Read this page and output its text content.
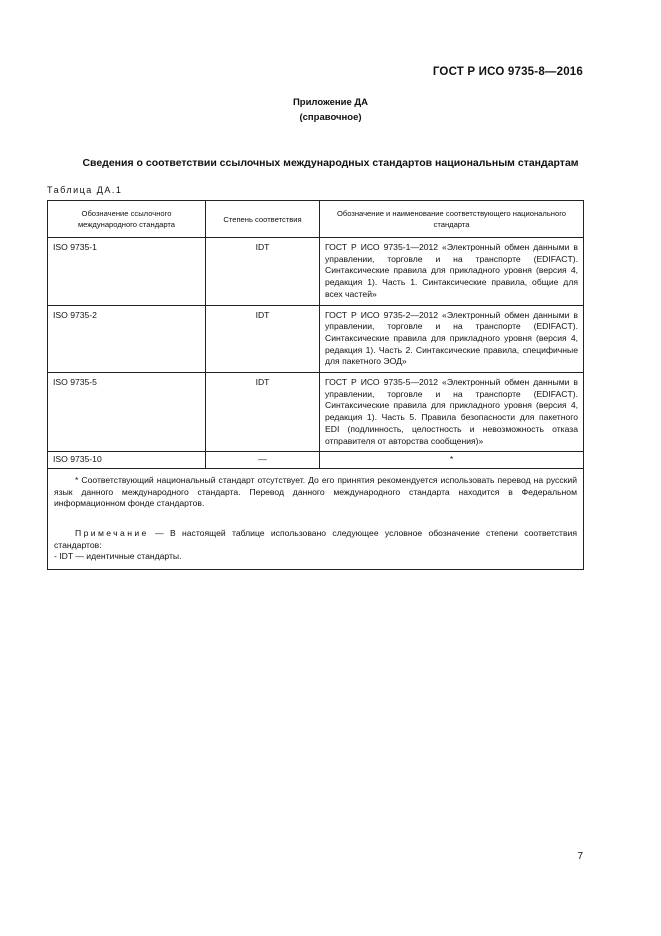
ГОСТ Р ИСО 9735-8—2016
Приложение ДА
(справочное)
Сведения о соответствии ссылочных международных стандартов национальным стандартам
Таблица ДА.1
Обозначение ссылочного международного стандарта	Степень соответствия	Обозначение и наименование соответствующего национального стандарта
ISO 9735-1	IDT	ГОСТ Р ИСО 9735-1—2012 «Электронный обмен данными в управлении, торговле и на транспорте (EDIFACT). Синтаксические правила для прикладного уровня (версия 4, редакция 1). Часть 1. Синтаксические правила, общие для всех частей»
ISO 9735-2	IDT	ГОСТ Р ИСО 9735-2—2012 «Электронный обмен данными в управлении, торговле и на транспорте (EDIFACT). Синтаксические правила для прикладного уровня (версия 4, редакция 1). Часть 2. Синтаксические правила, специфичные для пакетного ЭОД»
ISO 9735-5	IDT	ГОСТ Р ИСО 9735-5—2012 «Электронный обмен данными в управлении, торговле и на транспорте (EDIFACT). Синтаксические правила для прикладного уровня (версия 4, редакция 1). Часть 5. Правила безопасности для пакетного EDI (подлинность, целостность и невозможность отказа отправителя от авторства сообщения)»
ISO 9735-10	—	*

* Соответствующий национальный стандарт отсутствует. До его принятия рекомендуется использовать перевод на русский язык данного международного стандарта. Перевод данного международного стандарта находится в Федеральном информационном фонде стандартов.

Примечание — В настоящей таблице использовано следующее условное обозначение степени соответствия стандартов:

- IDT — идентичные стандарты.		

7
